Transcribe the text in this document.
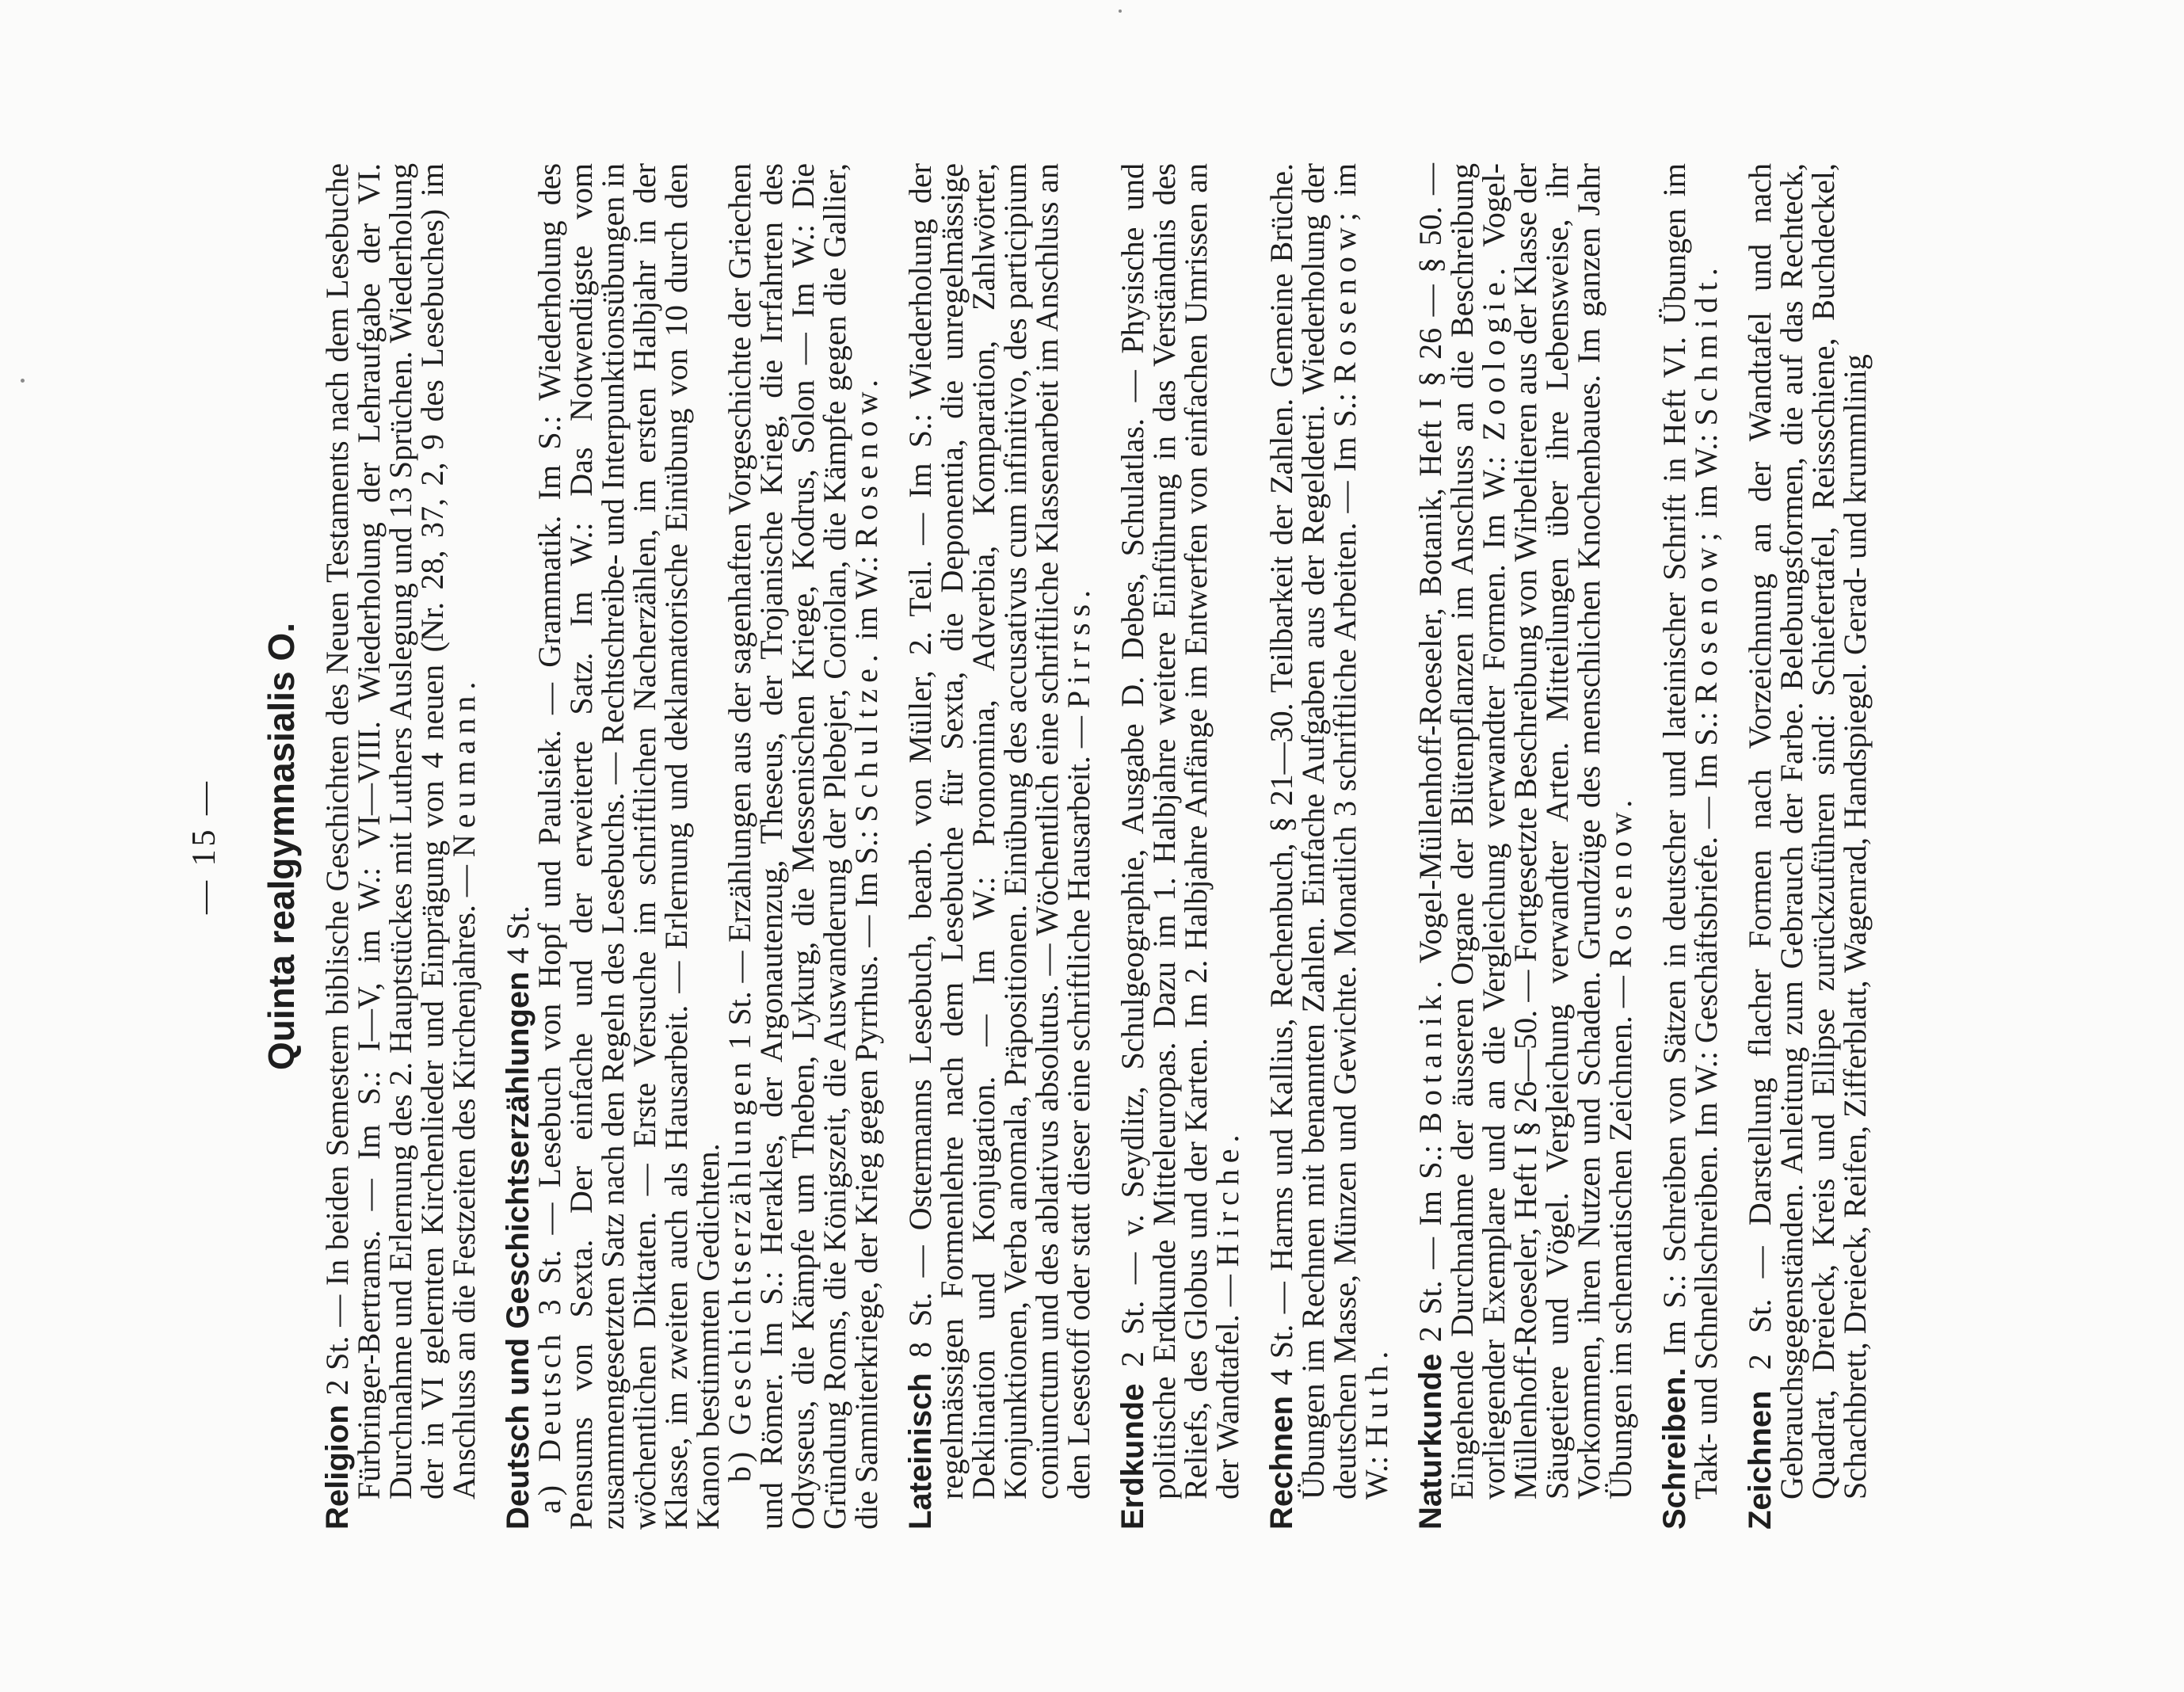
— 15 — Quinta realgymnasialis O.
Religion 2 St. — In beiden Semestern biblische Geschichten des Neuen Testaments nach dem Lesebuche Fürbringer-Bertrams. — Im S.: I—V, im W.: VI—VIII. Wiederholung der Lehraufgabe der VI. Durchnahme und Erlernung des 2. Hauptstückes mit Luthers Auslegung und 13 Sprüchen. Wiederholung der in VI gelernten Kirchenlieder und Einprägung von 4 neuen (Nr. 28, 37, 2, 9 des Lesebuches) im Anschluss an die Festzeiten des Kirchenjahres. — Neumann.

Deutsch und Geschichtserzählungen 4 St.

a) Deutsch 3 St. — Lesebuch von Hopf und Paulsiek. — Grammatik. Im S.: Wiederholung des Pensums von Sexta. Der einfache und der erweiterte Satz. Im W.: Das Notwendigste vom zusammengesetzten Satz nach den Regeln des Lesebuchs. — Rechtschreibe- und Interpunktionsübungen in wöchentlichen Diktaten. — Erste Versuche im schriftlichen Nacherzählen, im ersten Halbjahr in der Klasse, im zweiten auch als Hausarbeit. — Erlernung und deklamatorische Einübung von 10 durch den Kanon bestimmten Gedichten.

b) Geschichtserzählungen 1 St. — Erzählungen aus der sagenhaften Vorgeschichte der Griechen und Römer. Im S.: Herakles, der Argonautenzug, Theseus, der Trojanische Krieg, die Irrfahrten des Odysseus, die Kämpfe um Theben, Lykurg, die Messenischen Kriege, Kodrus, Solon — Im W.: Die Gründung Roms, die Königszeit, die Auswanderung der Plebejer, Coriolan, die Kämpfe gegen die Gallier, die Samniterkriege, der Krieg gegen Pyrrhus. — Im S.: Schultze. im W.: Rosenow.

Lateinisch 8 St. — Ostermanns Lesebuch, bearb. von Müller, 2. Teil. — Im S.: Wiederholung der regelmässigen Formenlehre nach dem Lesebuche für Sexta, die Deponentia, die unregelmässige Deklination und Konjugation. — Im W.: Pronomina, Adverbia, Komparation, Zahlwörter, Konjunktionen, Verba anomala, Präpositionen. Einübung des accusativus cum infinitivo, des participium coniunctum und des ablativus absolutus. — Wöchentlich eine schriftliche Klassenarbeit im Anschluss an den Lesestoff oder statt dieser eine schriftliche Hausarbeit. — Pirrss.
Erdkunde 2 St. — v. Seydlitz, Schulgeographie, Ausgabe D. Debes, Schulatlas. — Physische und politische Erdkunde Mitteleuropas. Dazu im 1. Halbjahre weitere Einführung in das Verständnis des Reliefs, des Globus und der Karten. Im 2. Halbjahre Anfänge im Entwerfen von einfachen Umrissen an der Wandtafel. — Hirche.
Rechnen 4 St. — Harms und Kallius, Rechenbuch, § 21—30. Teilbarkeit der Zahlen. Gemeine Brüche. Übungen im Rechnen mit benannten Zahlen. Einfache Aufgaben aus der Regeldetri. Wiederholung der deutschen Masse, Münzen und Gewichte. Monatlich 3 schriftliche Arbeiten. — Im S.: Rosenow; im W.: Huth. Naturkunde 2 St. — Im S.: Botanik. Vogel-Müllenhoff-Roeseler, Botanik, Heft I § 26 — § 50. — Eingehende Durchnahme der äusseren Organe der Blütenpflanzen im Anschluss an die Beschreibung vorliegender Exemplare und an die Vergleichung verwandter Formen. Im W.: Zoologie. Vogel-Müllenhoff-Roeseler, Heft I § 26—50. — Fortgesetzte Beschreibung von Wirbeltieren aus der Klasse der Säugetiere und Vögel. Vergleichung verwandter Arten. Mitteilungen über ihre Lebensweise, ihr Vorkommen, ihren Nutzen und Schaden. Grundzüge des menschlichen Knochenbaues. Im ganzen Jahr Übungen im schematischen Zeichnen. — Rosenow.
Schreiben. Im S.: Schreiben von Sätzen in deutscher und lateinischer Schrift in Heft VI. Übungen im Takt- und Schnellschreiben. Im W.: Geschäftsbriefe. — Im S.: Rosenow; im W.: Schmidt.
Zeichnen 2 St. — Darstellung flacher Formen nach Vorzeichnung an der Wandtafel und nach Gebrauchsgegenständen. Anleitung zum Gebrauch der Farbe. Belebungsformen, die auf das Rechteck, Quadrat, Dreieck, Kreis und Ellipse zurückzuführen sind: Schiefertafel, Reissschiene, Buchdeckel, Schachbrett, Dreieck, Reifen, Zifferblatt, Wagenrad, Handspiegel. Gerad- und krummlinig
